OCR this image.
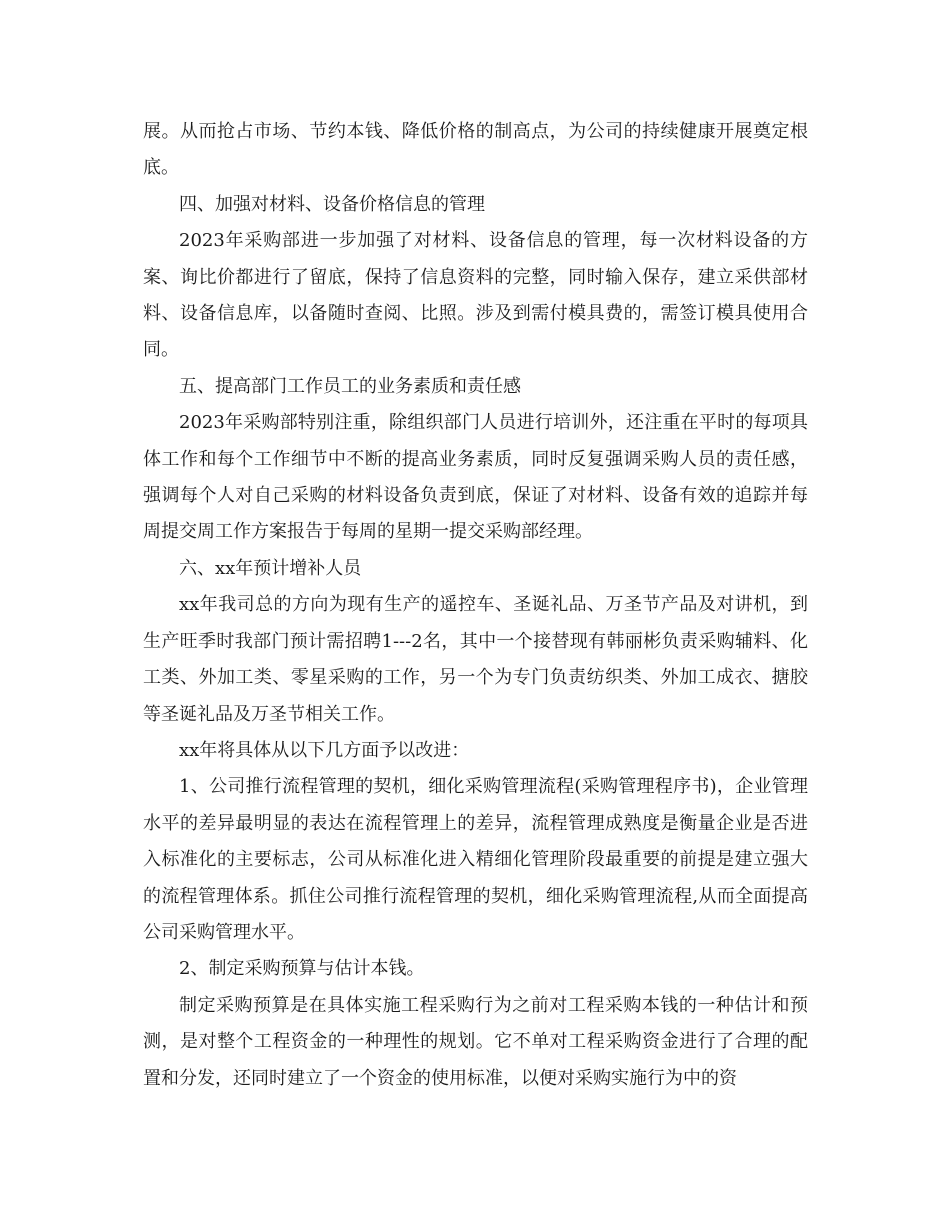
展。从而抢占市场、节约本钱、降低价格的制高点，为公司的持续健康开展奠定根底。

四、加强对材料、设备价格信息的管理

2023年采购部进一步加强了对材料、设备信息的管理，每一次材料设备的方案、询比价都进行了留底，保持了信息资料的完整，同时输入保存，建立采供部材料、设备信息库，以备随时查阅、比照。涉及到需付模具费的，需签订模具使用合同。

五、提高部门工作员工的业务素质和责任感

2023年采购部特别注重，除组织部门人员进行培训外，还注重在平时的每项具体工作和每个工作细节中不断的提高业务素质，同时反复强调采购人员的责任感，强调每个人对自己采购的材料设备负责到底，保证了对材料、设备有效的追踪并每周提交周工作方案报告于每周的星期一提交采购部经理。

六、xx年预计增补人员

xx年我司总的方向为现有生产的遥控车、圣诞礼品、万圣节产品及对讲机，到生产旺季时我部门预计需招聘1---2名，其中一个接替现有韩丽彬负责采购辅料、化工类、外加工类、零星采购的工作，另一个为专门负责纺织类、外加工成衣、搪胶等圣诞礼品及万圣节相关工作。

xx年将具体从以下几方面予以改进：

1、公司推行流程管理的契机，细化采购管理流程(采购管理程序书)，企业管理水平的差异最明显的表达在流程管理上的差异，流程管理成熟度是衡量企业是否进入标准化的主要标志，公司从标准化进入精细化管理阶段最重要的前提是建立强大的流程管理体系。抓住公司推行流程管理的契机，细化采购管理流程,从而全面提高公司采购管理水平。

2、制定采购预算与估计本钱。

制定采购预算是在具体实施工程采购行为之前对工程采购本钱的一种估计和预测，是对整个工程资金的一种理性的规划。它不单对工程采购资金进行了合理的配置和分发，还同时建立了一个资金的使用标准，以便对采购实施行为中的资
